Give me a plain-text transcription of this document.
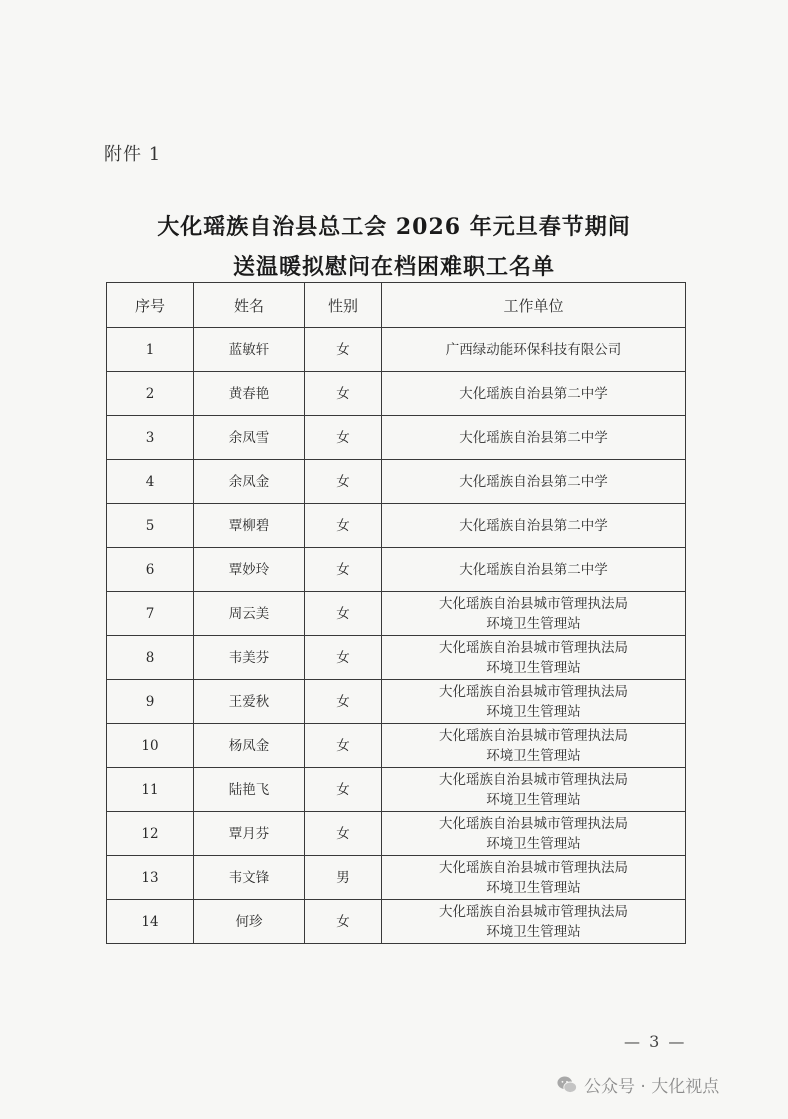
附件 1
大化瑶族自治县总工会 2026 年元旦春节期间
送温暖拟慰问在档困难职工名单
序号	姓名	性别	工作单位
1	蓝敏轩	女	广西绿动能环保科技有限公司

2	黄春艳	女	大化瑶族自治县第二中学

3	余凤雪	女	大化瑶族自治县第二中学

4	余凤金	女	大化瑶族自治县第二中学

5	覃柳碧	女	大化瑶族自治县第二中学

6	覃妙玲	女	大化瑶族自治县第二中学

7	周云美	女	大化瑶族自治县城市管理执法局
环境卫生管理站

8	韦美芬	女	大化瑶族自治县城市管理执法局
环境卫生管理站

9	王爱秋	女	大化瑶族自治县城市管理执法局
环境卫生管理站

10	杨凤金	女	大化瑶族自治县城市管理执法局
环境卫生管理站

11	陆艳飞	女	大化瑶族自治县城市管理执法局
环境卫生管理站

12	覃月芬	女	大化瑶族自治县城市管理执法局
环境卫生管理站

13	韦文锋	男	大化瑶族自治县城市管理执法局
环境卫生管理站

14	何珍	女	大化瑶族自治县城市管理执法局
环境卫生管理站
— 3 —
公众号 · 大化视点
